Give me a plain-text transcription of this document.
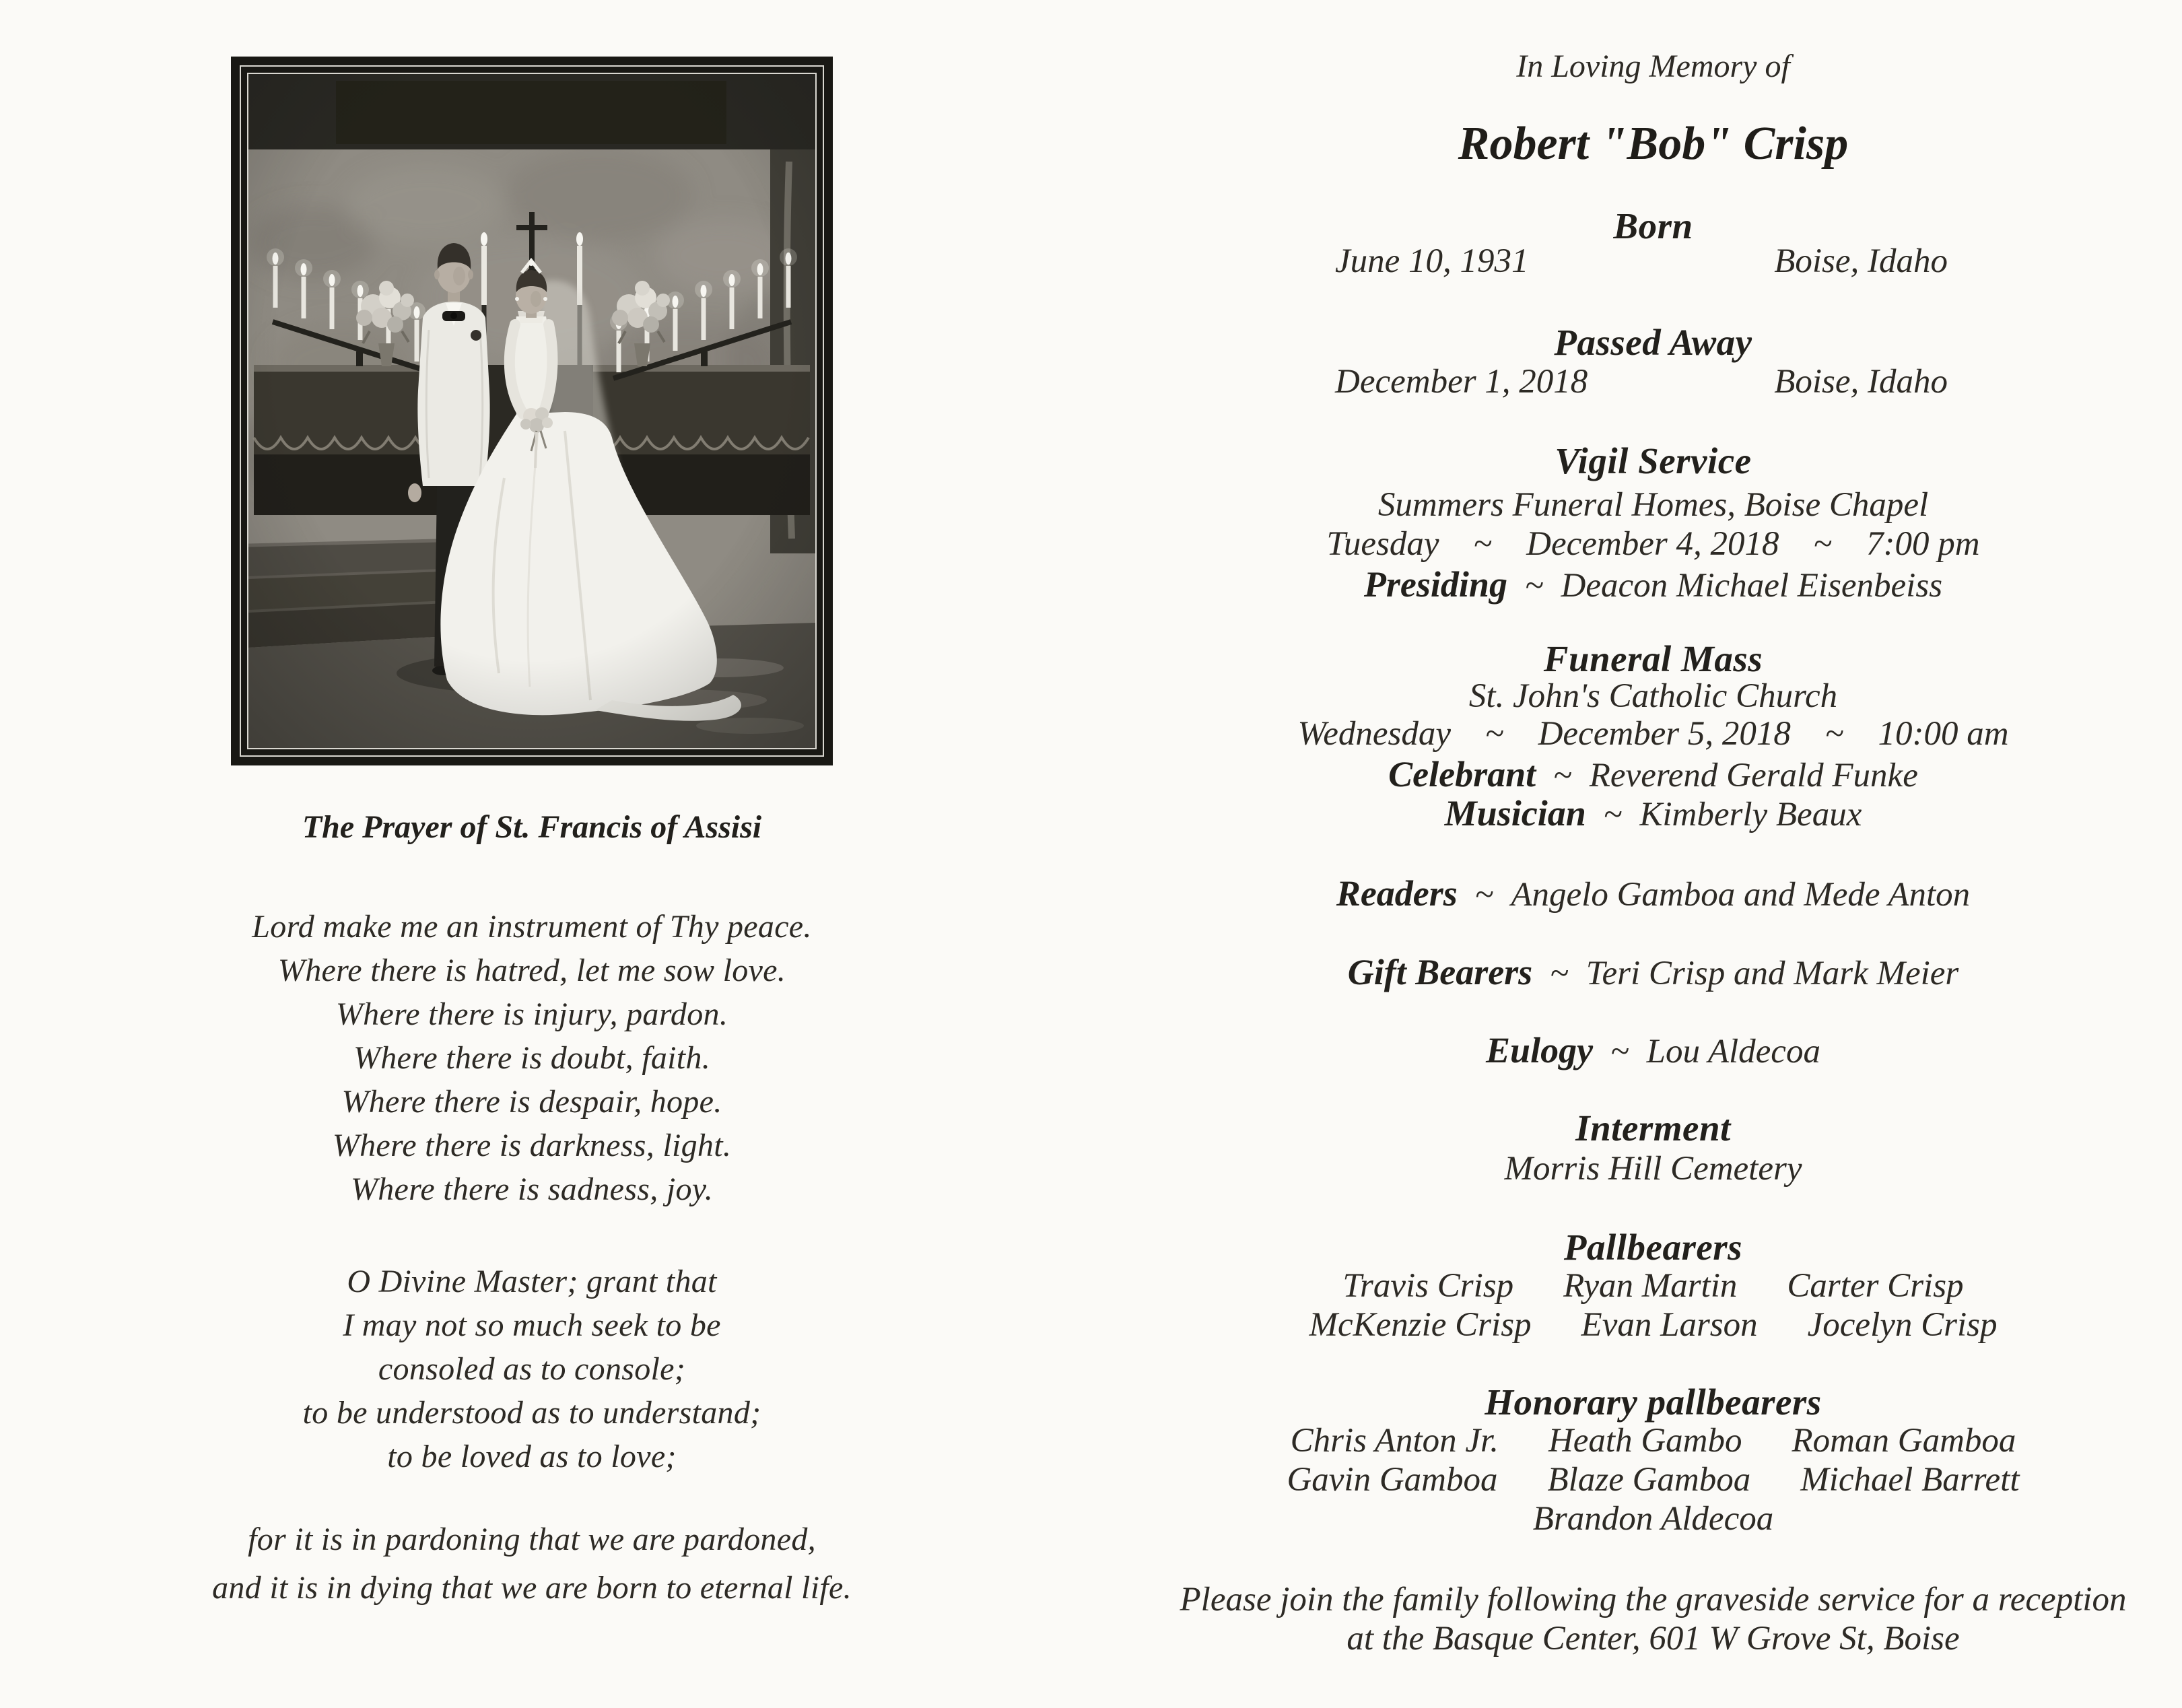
The Prayer of St. Francis of Assisi
Lord make me an instrument of Thy peace.
Where there is hatred, let me sow love.
Where there is injury, pardon.
Where there is doubt, faith.
Where there is despair, hope.
Where there is darkness, light.
Where there is sadness, joy.
O Divine Master; grant that
I may not so much seek to be
consoled as to console;
to be understood as to understand;
to be loved as to love;
for it is in pardoning that we are pardoned,
and it is in dying that we are born to eternal life.
In Loving Memory of
Robert "Bob" Crisp
Born
June 10, 1931	Boise, Idaho
Passed Away
December 1, 2018	Boise, Idaho
Vigil Service
Summers Funeral Homes, Boise Chapel
Tuesday  ~  December 4, 2018  ~  7:00 pm
Presiding ~ Deacon Michael Eisenbeiss
Funeral Mass
St. John's Catholic Church
Wednesday  ~  December 5, 2018  ~  10:00 am
Celebrant ~ Reverend Gerald Funke
Musician ~ Kimberly Beaux
Readers ~ Angelo Gamboa and Mede Anton
Gift Bearers ~ Teri Crisp and Mark Meier
Eulogy ~ Lou Aldecoa
Interment
Morris Hill Cemetery
Pallbearers
Travis Crisp Ryan Martin Carter Crisp
McKenzie Crisp Evan Larson Jocelyn Crisp
Honorary pallbearers
Chris Anton Jr. Heath Gambo Roman Gamboa
Gavin Gamboa Blaze Gamboa Michael Barrett
Brandon Aldecoa
Please join the family following the graveside service for a reception
at the Basque Center, 601 W Grove St, Boise
